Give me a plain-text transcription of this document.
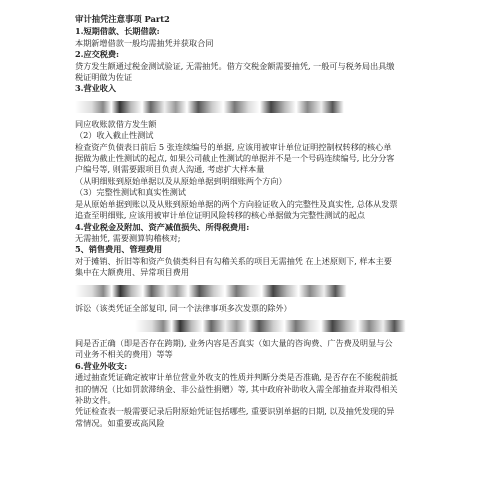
审计抽凭注意事项 Part2
1.短期借款、长期借款:
本期新增借款一般均需抽凭并获取合同
2.应交税费:
贷方发生额通过税金测试验证, 无需抽凭。借方交税金额需要抽凭, 一般可与税务局出具缴
税证明做为佐证
3.营业收入
同应收账款借方发生额
（2）收入截止性测试
检查资产负债表日前后 5 张连续编号的单据, 应该用被审计单位证明控制权转移的核心单
据做为截止性测试的起点, 如果公司截止性测试的单据并不是一个号码连续编号, 比分分客
户编号等, 则需要跟项目负责人沟通, 考虑扩大样本量
（从明细账到原始单据以及从原始单据到明细账两个方向）
（3）完整性测试和真实性测试
是从原始单据到账以及从账到原始单据的两个方向验证收入的完整性及真实性, 总体从发票
追查至明细账, 应该用被审计单位证明风险转移的核心单据做为完整性测试的起点
4.营业税金及附加、资产减值损失、所得税费用:
无需抽凭, 需要测算钩稽核对;
5、销售费用、管理费用
对于摊销、折旧等和资产负债类科目有勾稽关系的项目无需抽凭 在上述原则下, 样本主要
集中在大额费用、异常项目费用
诉讼（该类凭证全部复印, 同一个法律事项多次发票的除外）
间是否正确（即是否存在跨期), 业务内容是否真实（如大量的咨询费、广告费及明显与公
司业务不相关的费用）等等
6.营业外收支:
通过抽查凭证确定被审计单位营业外收支的性质并判断分类是否准确, 是否存在不能税前抵
扣的情况（比如罚款滞纳金、非公益性捐赠）等, 其中政府补助收入需全部抽查并取得相关
补助文件。
凭证检查表一般需要记录后附原始凭证包括哪些, 重要识别单据的日期, 以及抽凭发现的异
常情况。如重要或高风险
